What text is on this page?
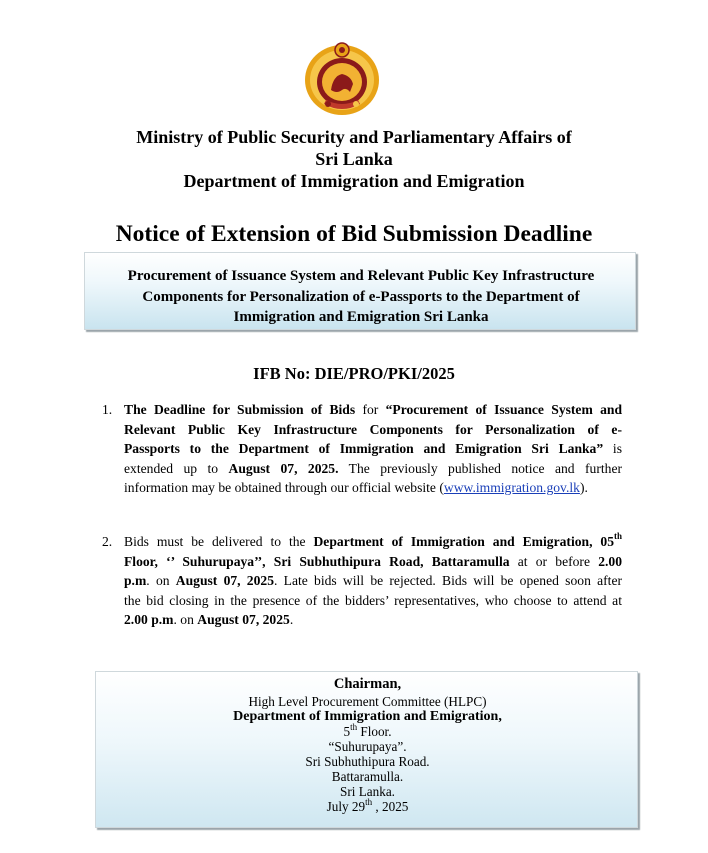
Ministry of Public Security and Parliamentary Affairs of
Sri Lanka
Department of Immigration and Emigration
Notice of Extension of Bid Submission Deadline
Procurement of Issuance System and Relevant Public Key Infrastructure
Components for Personalization of e-Passports to the Department of
Immigration and Emigration Sri Lanka
IFB No: DIE/PRO/PKI/2025
1. The Deadline for Submission of Bids for “Procurement of Issuance System and
Relevant Public Key Infrastructure Components for Personalization of e-
Passports to the Department of Immigration and Emigration Sri Lanka” is
extended up to August 07, 2025. The previously published notice and further
information may be obtained through our official website (www.immigration.gov.lk).
2. Bids must be delivered to the Department of Immigration and Emigration, 05th
Floor, ‘’ Suhurupaya’’, Sri Subhuthipura Road, Battaramulla at or before 2.00
p.m. on August 07, 2025. Late bids will be rejected. Bids will be opened soon after
the bid closing in the presence of the bidders’ representatives, who choose to attend at
2.00 p.m. on August 07, 2025.
Chairman,
High Level Procurement Committee (HLPC)
Department of Immigration and Emigration,
5th Floor.
“Suhurupaya”.
Sri Subhuthipura Road.
Battaramulla.
Sri Lanka.
July 29th , 2025
